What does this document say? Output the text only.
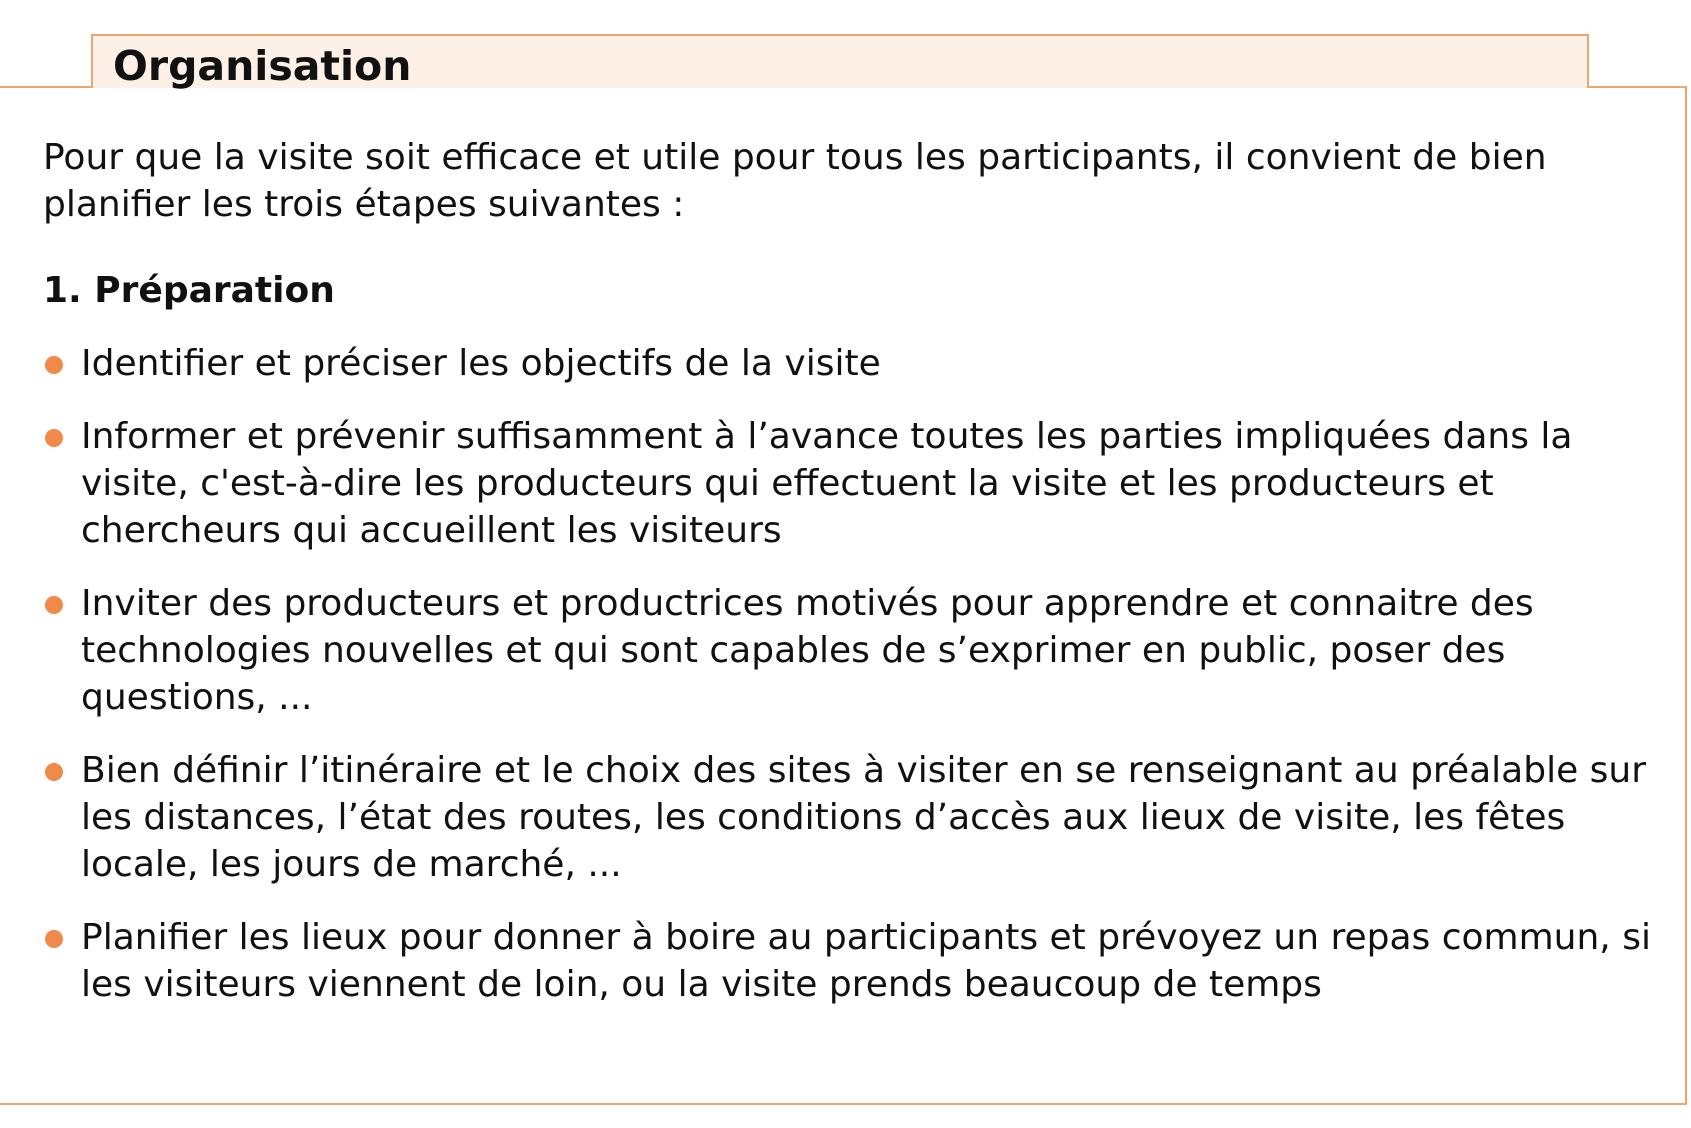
Organisation

Pour que la visite soit efficace et utile pour tous les participants, il convient de bien planifier les trois étapes suivantes :

1. Préparation
Identifier et préciser les objectifs de la visite
Informer et prévenir suffisamment à l’avance toutes les parties impliquées dans la visite, c'est-à-dire les producteurs qui effectuent la visite et les producteurs et chercheurs qui accueillent les visiteurs
Inviter des producteurs et productrices motivés pour apprendre et connaitre des technologies nouvelles et qui sont capables de s’exprimer en public, poser des questions, ...
Bien définir l’itinéraire et le choix des sites à visiter en se renseignant au préalable sur les distances, l’état des routes, les conditions d’accès aux lieux de visite, les fêtes locale, les jours de marché, ...
Planifier les lieux pour donner à boire au participants et prévoyez un repas commun, si les visiteurs viennent de loin, ou la visite prends beaucoup de temps
